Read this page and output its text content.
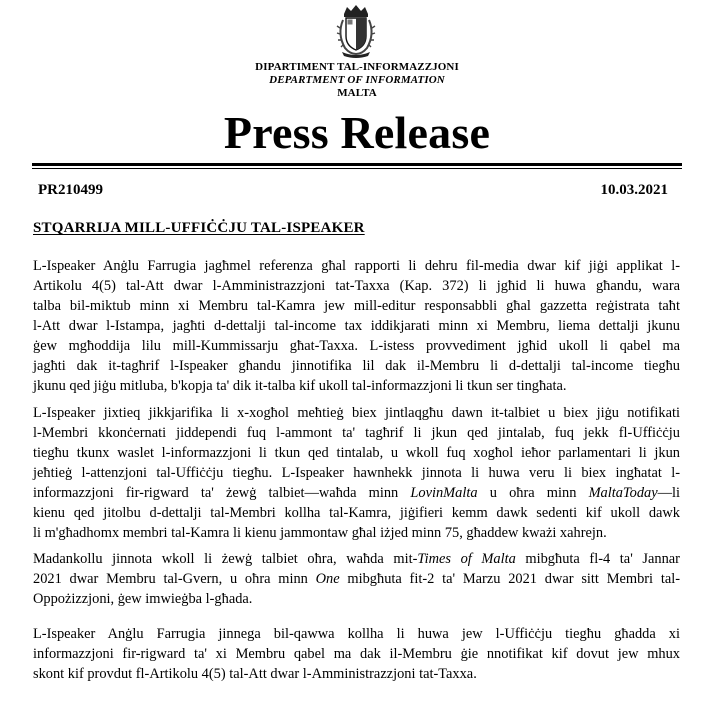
DIPARTIMENT TAL-INFORMAZZJONI
DEPARTMENT OF INFORMATION
MALTA
Press Release
PR210499	10.03.2021
STQARRIJA MILL-UFFIĊĊJU TAL-ISPEAKER
L-Ispeaker Anġlu Farrugia jagħmel referenza għal rapporti li dehru fil-media dwar kif jiġi applikat l-
Artikolu 4(5) tal-Att dwar l-Amministrazzjoni tat-Taxxa (Kap. 372) li jgħid li huwa għandu, wara
talba bil-miktub minn xi Membru tal-Kamra jew mill-editur responsabbli għal gazzetta reġistrata taħt
l-Att dwar l-Istampa, jagħti d-dettalji tal-income tax iddikjarati minn xi Membru, liema dettalji jkunu
ġew mgħoddija lilu mill-Kummissarju għat-Taxxa. L-istess provvediment jgħid ukoll li qabel ma
jagħti dak it-tagħrif l-Ispeaker għandu jinnotifika lil dak il-Membru li d-dettalji tal-income tiegħu
jkunu qed jiġu mitluba, b'kopja ta' dik it-talba kif ukoll tal-informazzjoni li tkun ser tingħata.
L-Ispeaker jixtieq jikkjarifika li x-xogħol meħtieġ biex jintlaqgħu dawn it-talbiet u biex jiġu notifikati
l-Membri kkonċernati jiddependi fuq l-ammont ta' tagħrif li jkun qed jintalab, fuq jekk fl-Uffiċċju
tiegħu tkunx waslet l-informazzjoni li tkun qed tintalab, u wkoll fuq xogħol ieħor parlamentari li jkun
jeħtieġ l-attenzjoni tal-Uffiċċju tiegħu. L-Ispeaker hawnhekk jinnota li huwa veru li biex ingħatat l-
informazzjoni fir-rigward ta' żewġ talbiet—waħda minn LovinMalta u oħra minn MaltaToday—li
kienu qed jitolbu d-dettalji tal-Membri kollha tal-Kamra, jiġifieri kemm dawk sedenti kif ukoll dawk
li m'għadhomx membri tal-Kamra li kienu jammontaw għal iżjed minn 75, għaddew kważi xahrejn.
Madankollu jinnota wkoll li żewġ talbiet oħra, waħda mit-Times of Malta mibgħuta fl-4 ta' Jannar
2021 dwar Membru tal-Gvern, u oħra minn One mibgħuta fit-2 ta' Marzu 2021 dwar sitt Membri tal-
Oppożizzjoni, ġew imwieġba l-għada.
L-Ispeaker Anġlu Farrugia jinnega bil-qawwa kollha li huwa jew l-Uffiċċju tiegħu għadda xi
informazzjoni fir-rigward ta' xi Membru qabel ma dak il-Membru ġie nnotifikat kif dovut jew mhux
skont kif provdut fl-Artikolu 4(5) tal-Att dwar l-Amministrazzjoni tat-Taxxa.
